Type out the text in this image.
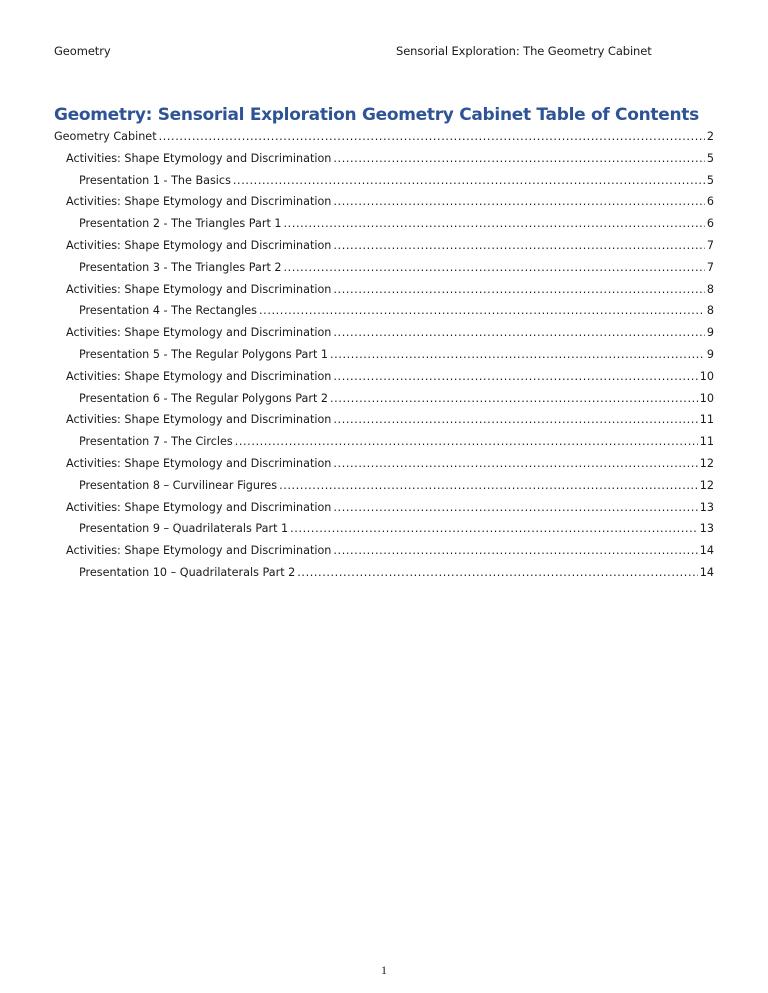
Geometry	Sensorial Exploration: The Geometry Cabinet
Geometry: Sensorial Exploration Geometry Cabinet Table of Contents
Geometry Cabinet .....	2
Activities: Shape Etymology and Discrimination .....	5
Presentation 1 - The Basics .....	5
Activities: Shape Etymology and Discrimination .....	6
Presentation 2 - The Triangles Part 1 .....	6
Activities: Shape Etymology and Discrimination .....	7
Presentation 3 - The Triangles Part 2 .....	7
Activities: Shape Etymology and Discrimination .....	8
Presentation 4 - The Rectangles .....	8
Activities: Shape Etymology and Discrimination .....	9
Presentation 5 - The Regular Polygons Part 1 .....	9
Activities: Shape Etymology and Discrimination .....	10
Presentation 6 - The Regular Polygons Part 2 .....	10
Activities: Shape Etymology and Discrimination .....	11
Presentation 7 - The Circles .....	11
Activities: Shape Etymology and Discrimination .....	12
Presentation 8 – Curvilinear Figures .....	12
Activities: Shape Etymology and Discrimination .....	13
Presentation 9 – Quadrilaterals Part 1 .....	13
Activities: Shape Etymology and Discrimination .....	14
Presentation 10 – Quadrilaterals Part 2 .....	14
1
